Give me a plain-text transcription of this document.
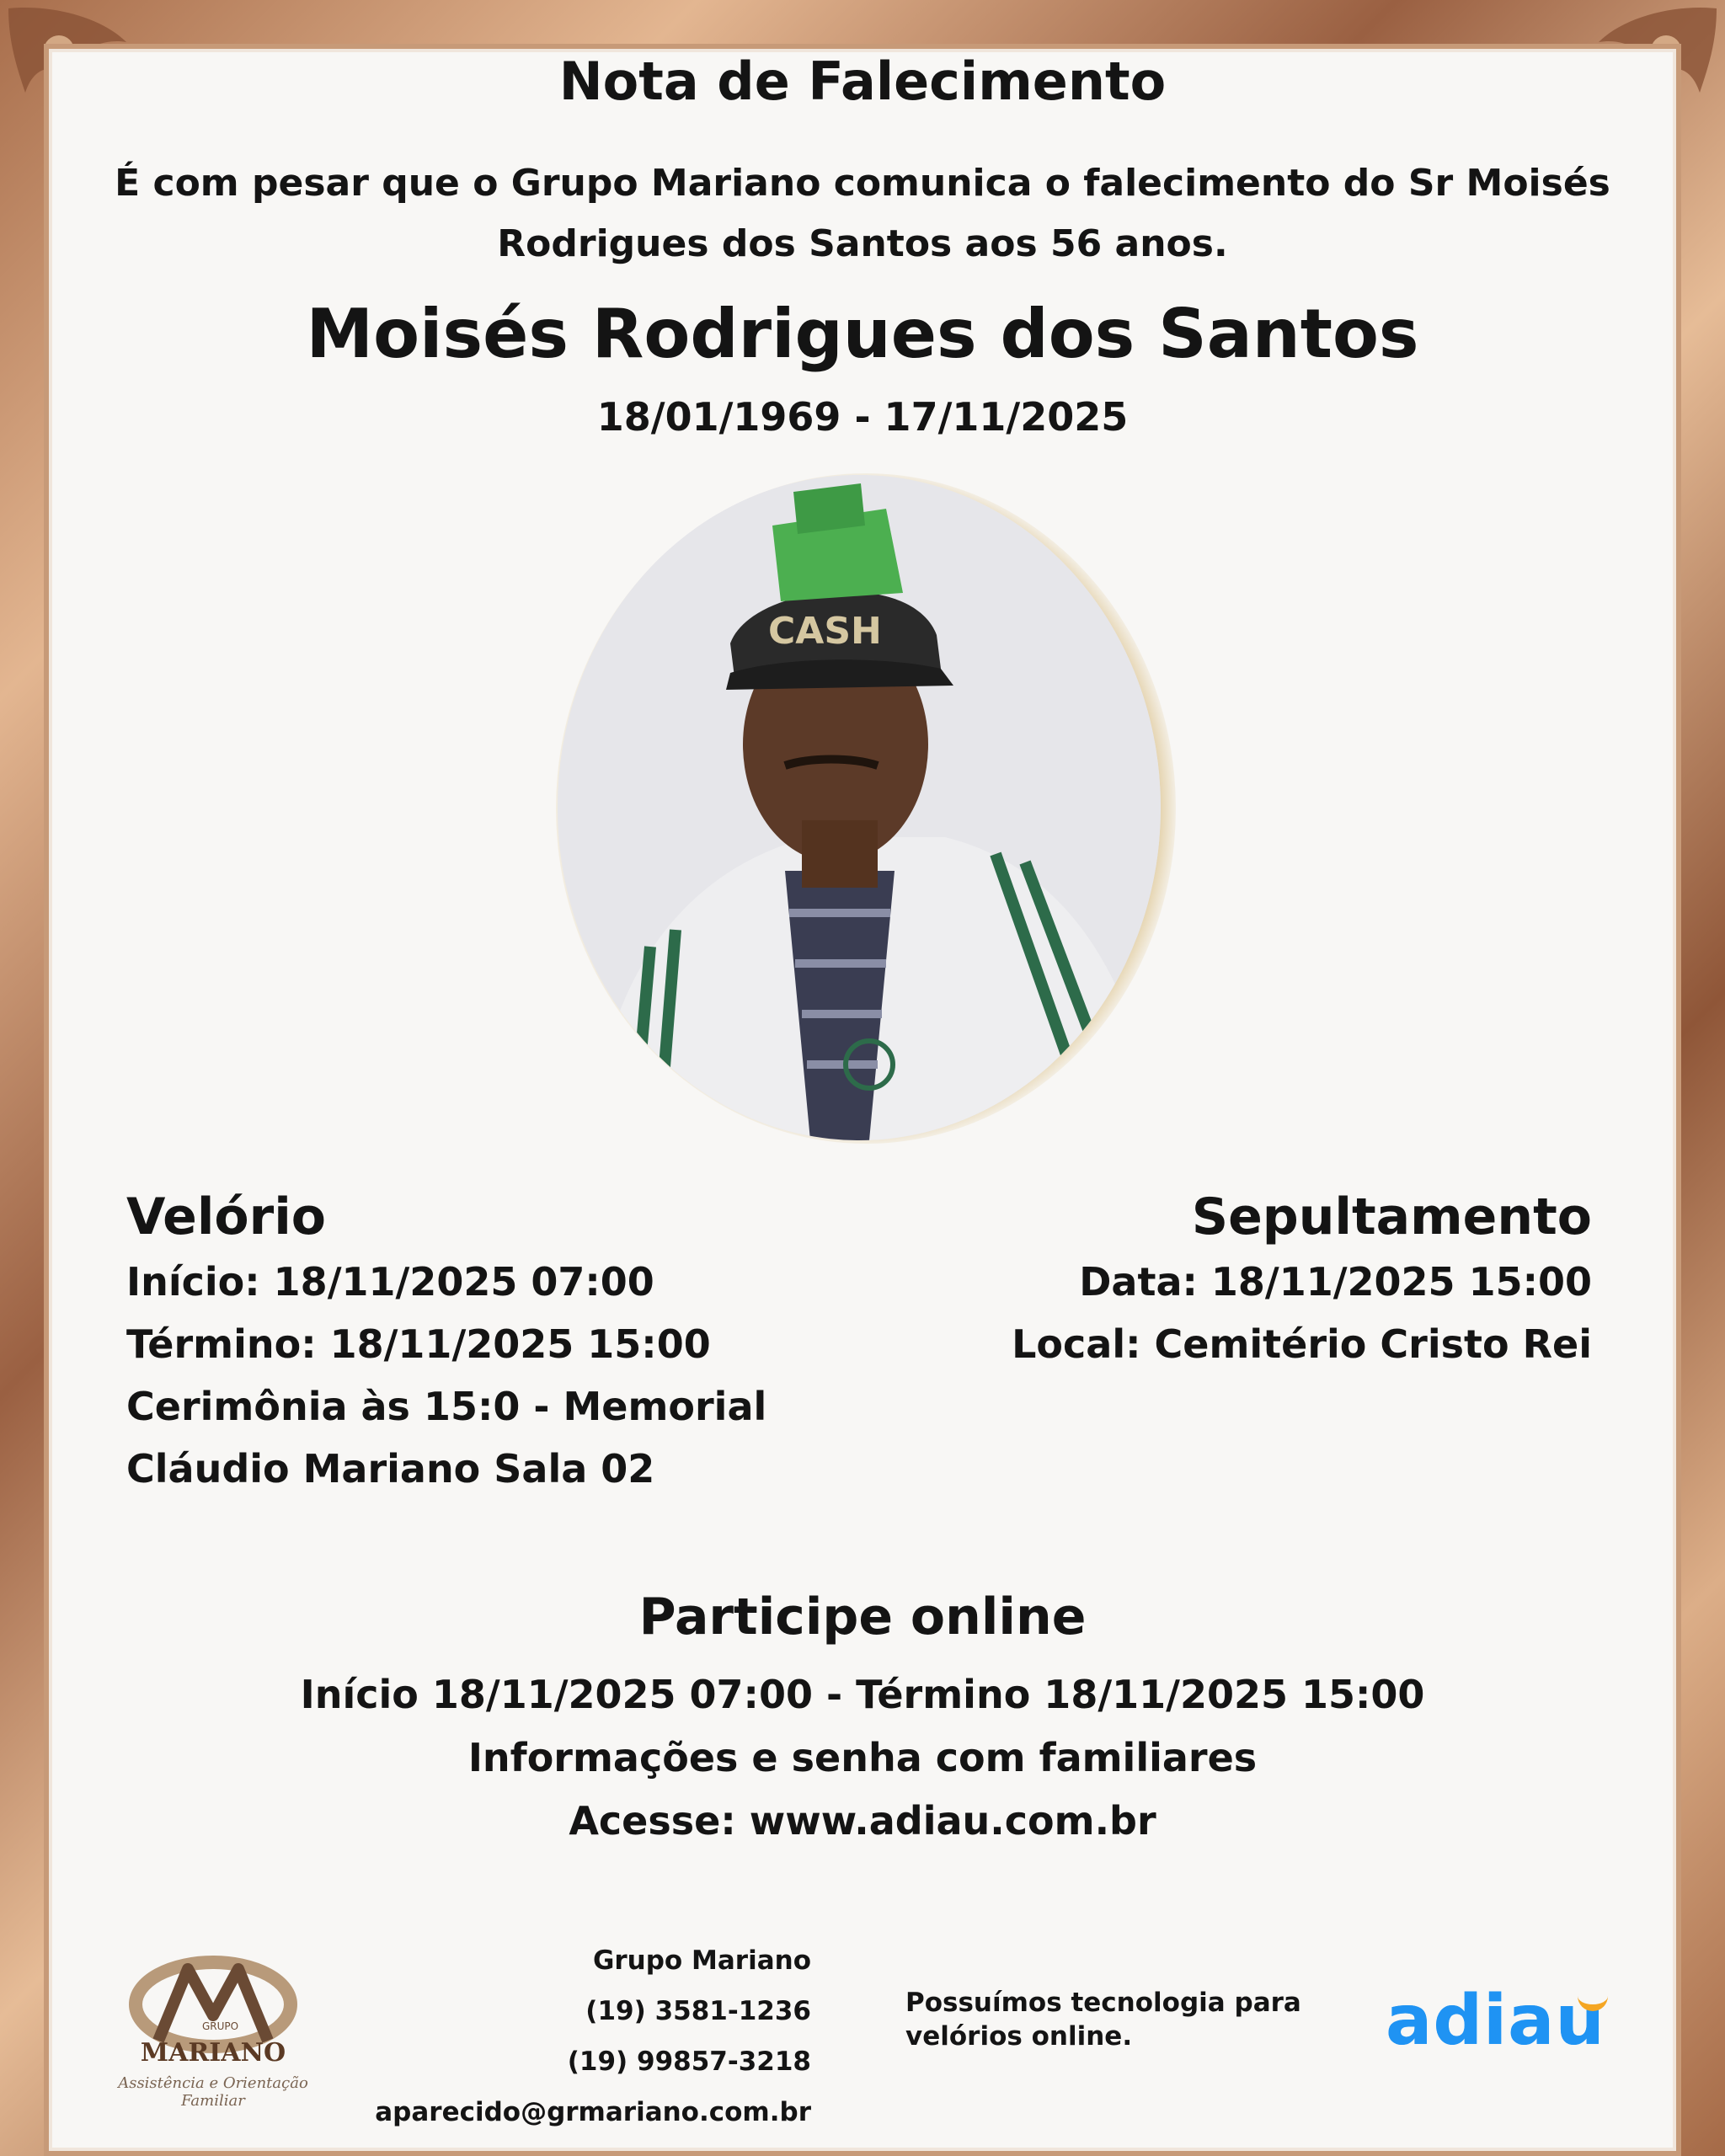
Nota de Falecimento
É com pesar que o Grupo Mariano comunica o falecimento do Sr Moisés Rodrigues dos Santos aos 56 anos.
Moisés Rodrigues dos Santos
18/01/1969 - 17/11/2025
CASH
Velório
Início: 18/11/2025 07:00
Término: 18/11/2025 15:00
Cerimônia às 15:0 - Memorial
Cláudio Mariano Sala 02
Sepultamento
Data: 18/11/2025 15:00
Local: Cemitério Cristo Rei
Participe online
Início 18/11/2025 07:00 - Término 18/11/2025 15:00
Informações e senha com familiares
Acesse: www.adiau.com.br
GRUPO
MARIANO
Assistência e Orientação Familiar
Grupo Mariano
(19) 3581-1236
(19) 99857-3218
aparecido@grmariano.com.br
Possuímos tecnologia para velórios online.	adiau
